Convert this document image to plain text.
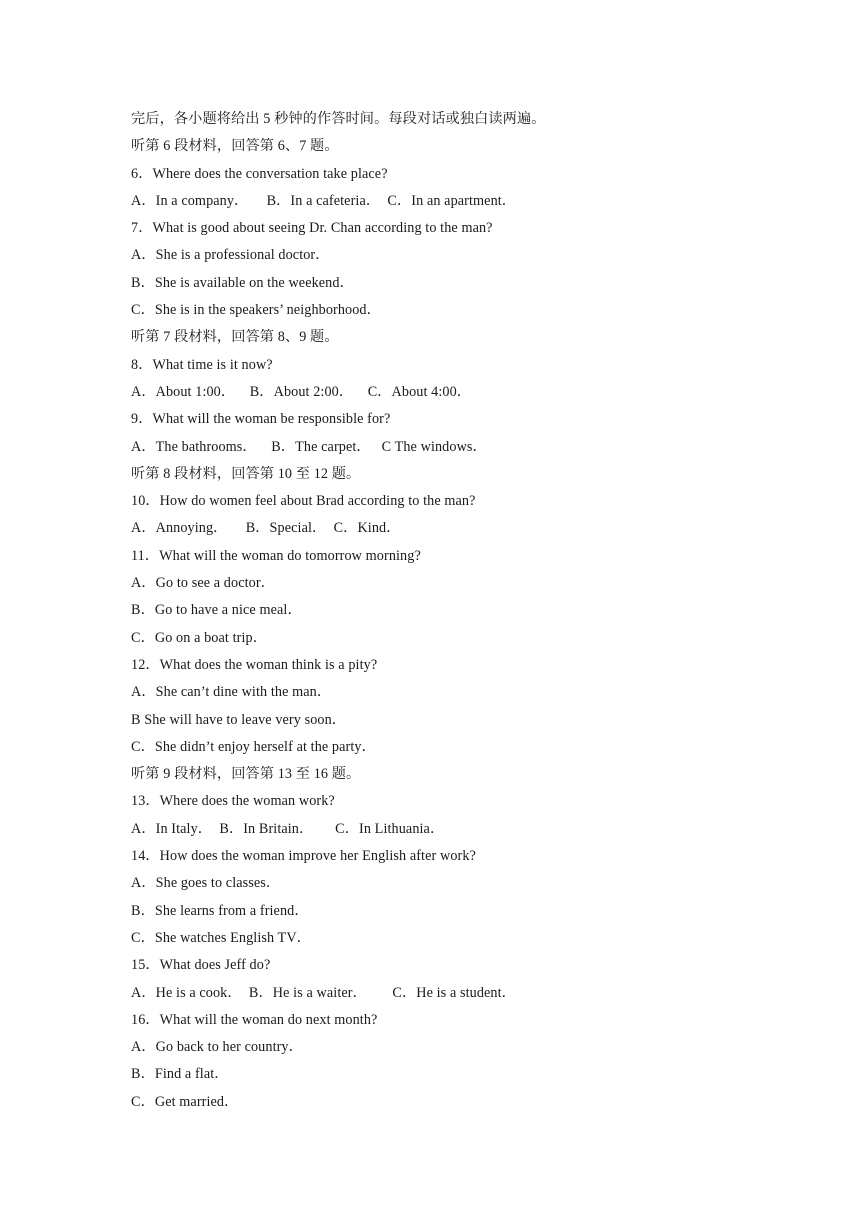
完后，各小题将给出 5 秒钟的作答时间。每段对话或独白读两遍。
听第 6 段材料，回答第 6、7 题。
6．Where does the conversation take place?
A．In a company．     B．In a cafeteria．  C．In an apartment．
7．What is good about seeing Dr. Chan according to the man?
A．She is a professional doctor．
B．She is available on the weekend．
C．She is in the speakers’ neighborhood．
听第 7 段材料，回答第 8、9 题。
8．What time is it now?
A．About 1:00．    B．About 2:00．    C．About 4:00．
9．What will the woman be responsible for?
A．The bathrooms．    B．The carpet．   C The windows．
听第 8 段材料，回答第 10 至 12 题。
10．How do women feel about Brad according to the man?
A．Annoying．     B．Special．  C．Kind．
11．What will the woman do tomorrow morning?
A．Go to see a doctor．
B．Go to have a nice meal．
C．Go on a boat trip．
12．What does the woman think is a pity?
A．She can’t dine with the man．
B She will have to leave very soon．
C．She didn’t enjoy herself at the party．
听第 9 段材料，回答第 13 至 16 题。
13．Where does the woman work?
A．In Italy．  B．In Britain．      C．In Lithuania．
14．How does the woman improve her English after work?
A．She goes to classes．
B．She learns from a friend．
C．She watches English TV．
15．What does Jeff do?
A．He is a cook．  B．He is a waiter．       C．He is a student．
16．What will the woman do next month?
A．Go back to her country．
B．Find a flat．
C．Get married．
